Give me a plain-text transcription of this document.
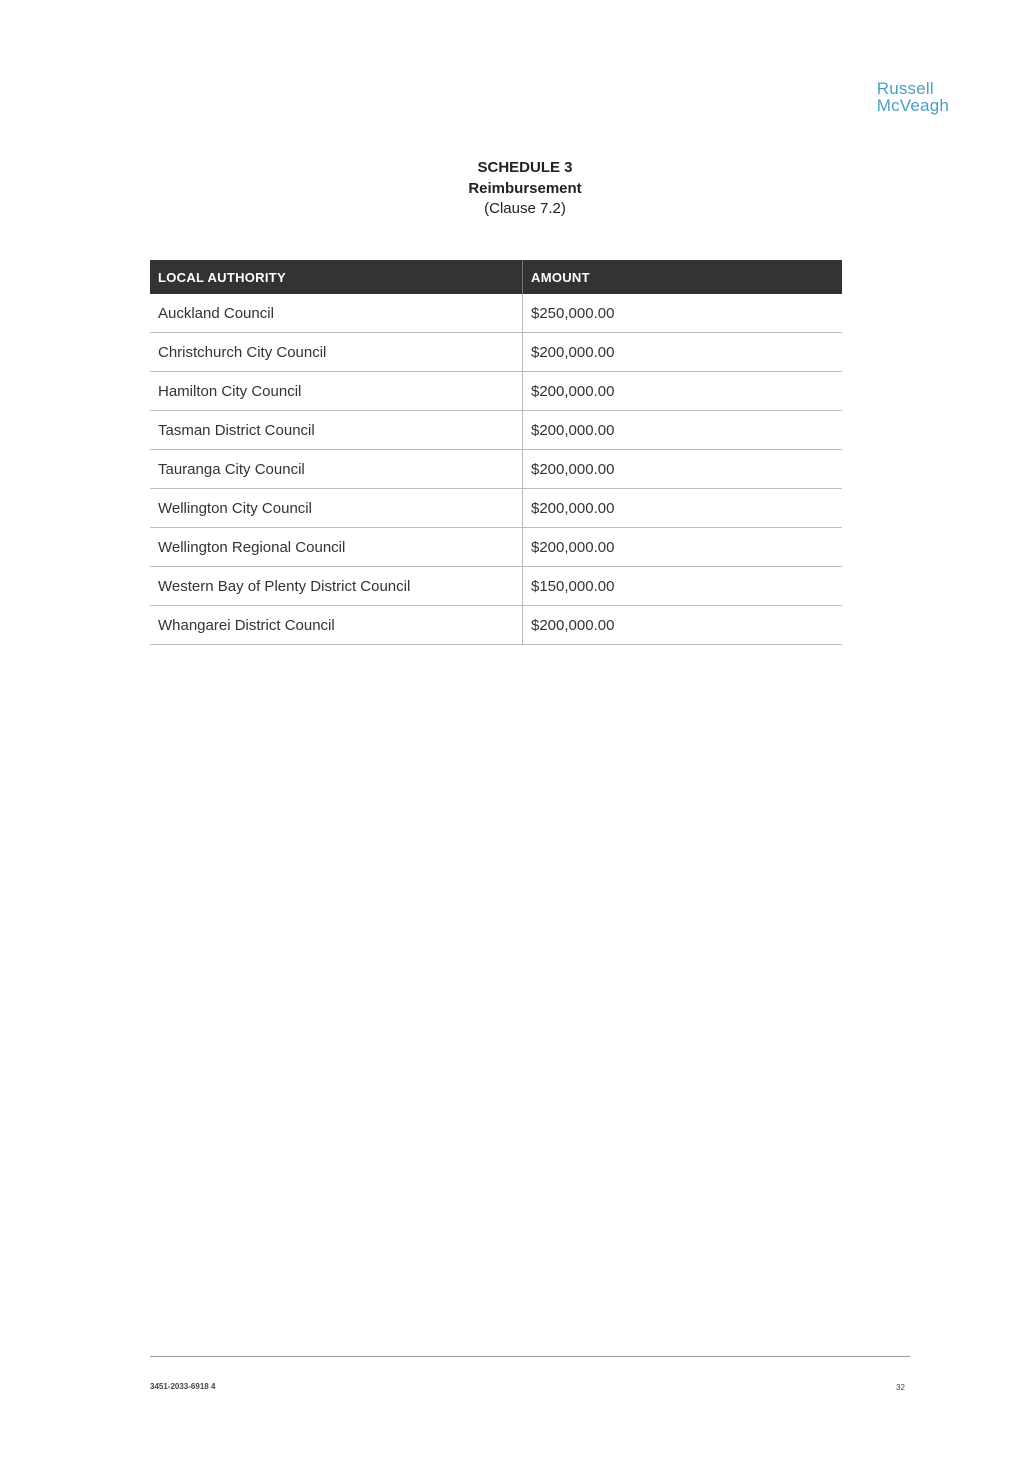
Russell
McVeagh
SCHEDULE 3
Reimbursement
(Clause 7.2)
LOCAL AUTHORITY	AMOUNT
Auckland Council	$250,000.00
Christchurch City Council	$200,000.00
Hamilton City Council	$200,000.00
Tasman District Council	$200,000.00
Tauranga City Council	$200,000.00
Wellington City Council	$200,000.00
Wellington Regional Council	$200,000.00
Western Bay of Plenty District Council	$150,000.00
Whangarei District Council	$200,000.00
3451-2033-6918 4	32
